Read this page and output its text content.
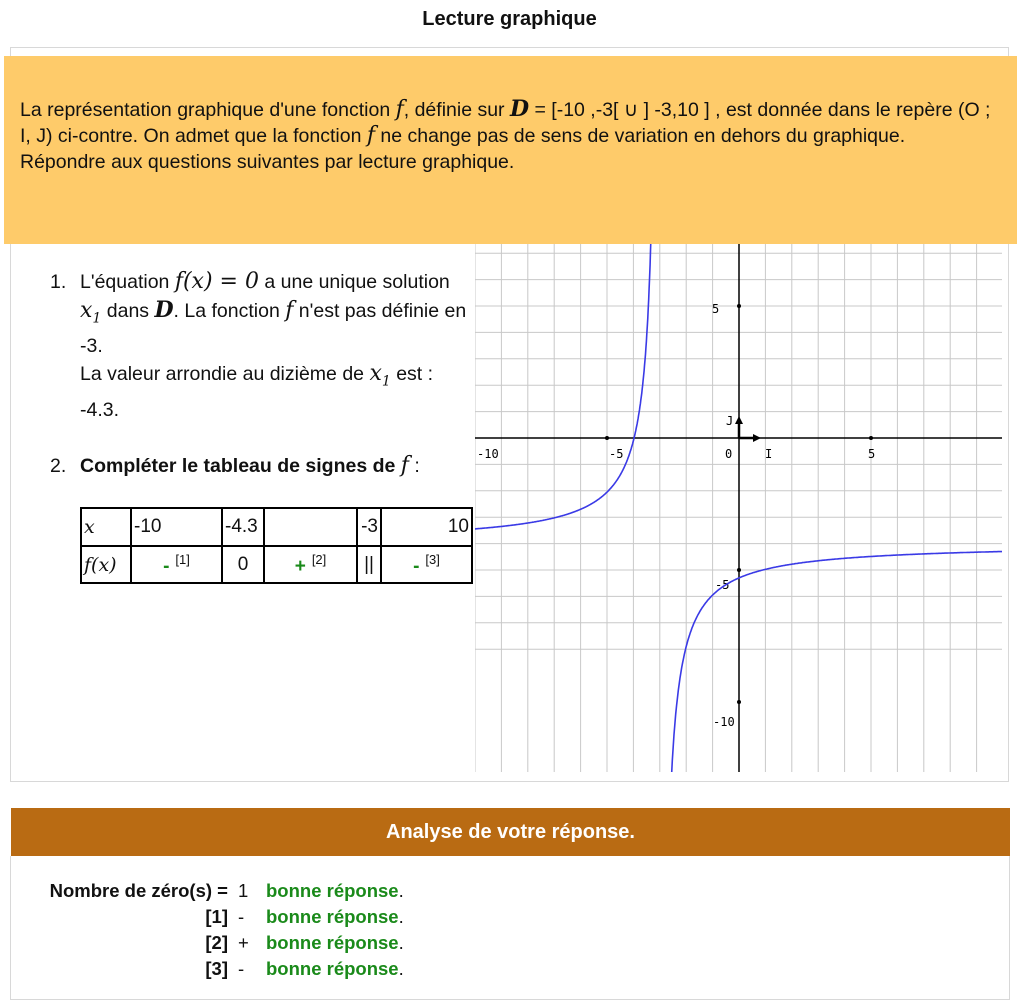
Lecture graphique
La représentation graphique d'une fonction f, définie sur D = [-10 ,-3[ ∪ ] -3,10 ] , est donnée dans le repère (O ; I, J) ci-contre. On admet que la fonction f ne change pas de sens de variation en dehors du graphique.
Répondre aux questions suivantes par lecture graphique.
1. L'équation f(x) = 0 a une unique solution $x_1$ dans D. La fonction f n'est pas définie en -3.
La valeur arrondie au dizième de $x_1$ est : -4.3.
2. Compléter le tableau de signes de f :
x	-10	-4.3		-3	10
f(x)	- [1]	0	+ [2]	||	- [3]
-10	-5	0	I	5
5
J
-5
-10
Analyse de votre réponse.
Nombre de zéro(s) = 1 bonne réponse.
[1] - bonne réponse.
[2] + bonne réponse.
[3] - bonne réponse.
